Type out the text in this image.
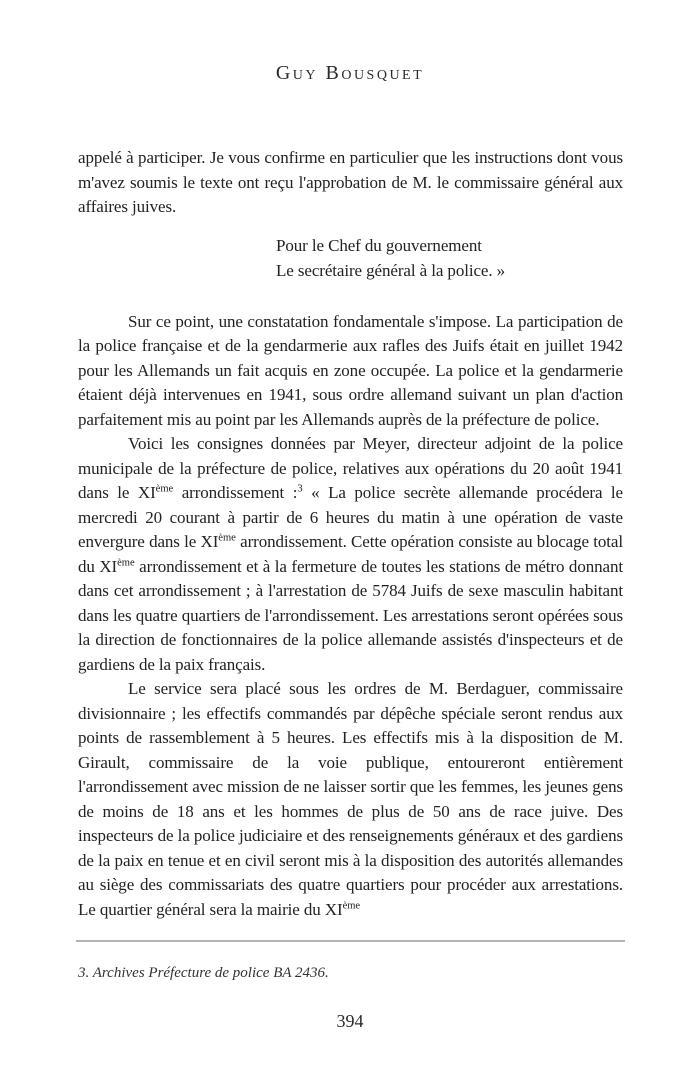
Guy Bousquet

appelé à participer. Je vous confirme en particulier que les instructions dont vous m'avez soumis le texte ont reçu l'approbation de M. le commissaire général aux affaires juives.

Pour le Chef du gouvernement

Le secrétaire général à la police. »

Sur ce point, une constatation fondamentale s'impose. La participation de la police française et de la gendarmerie aux rafles des Juifs était en juillet 1942 pour les Allemands un fait acquis en zone occupée. La police et la gendarmerie étaient déjà intervenues en 1941, sous ordre allemand suivant un plan d'action parfaitement mis au point par les Allemands auprès de la préfecture de police.

Voici les consignes données par Meyer, directeur adjoint de la police municipale de la préfecture de police, relatives aux opérations du 20 août 1941 dans le XIème arrondissement :$^3$ « La police secrète allemande procédera le mercredi 20 courant à partir de 6 heures du matin à une opération de vaste envergure dans le XIème arrondissement. Cette opération consiste au blocage total du XIème arrondissement et à la fermeture de toutes les stations de métro donnant dans cet arrondissement ; à l'arrestation de 5784 Juifs de sexe masculin habitant dans les quatre quartiers de l'arrondissement. Les arrestations seront opérées sous la direction de fonctionnaires de la police allemande assistés d'inspecteurs et de gardiens de la paix français.

Le service sera placé sous les ordres de M. Berdaguer, commissaire divisionnaire ; les effectifs commandés par dépêche spéciale seront rendus aux points de rassemblement à 5 heures. Les effectifs mis à la disposition de M. Girault, commissaire de la voie publique, entoureront entièrement l'arrondissement avec mission de ne laisser sortir que les femmes, les jeunes gens de moins de 18 ans et les hommes de plus de 50 ans de race juive. Des inspecteurs de la police judiciaire et des renseignements généraux et des gardiens de la paix en tenue et en civil seront mis à la disposition des autorités allemandes au siège des commissariats des quatre quartiers pour procéder aux arrestations. Le quartier général sera la mairie du XIème

3. Archives Préfecture de police BA 2436.

394
